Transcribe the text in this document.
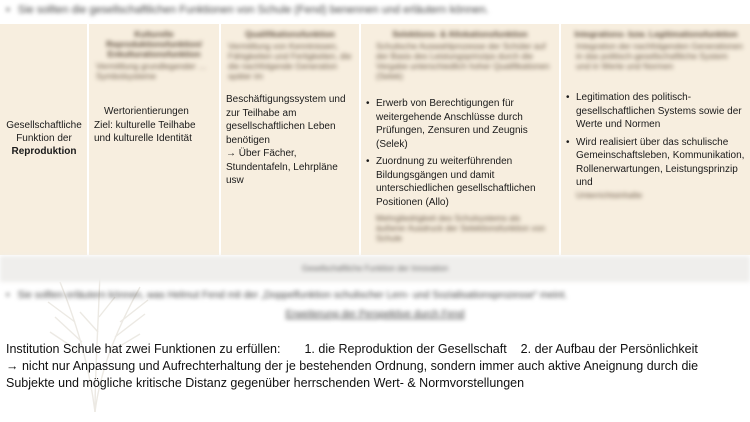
• Sie sollten die gesellschaftlichen Funktionen von Schule (Fend) benennen und erläutern können.
Gesellschaftliche Funktion der
Reproduktion
Kulturelle Reproduktionsfunktion/ Enkulturationsfunktion
Vermittlung grundlegender … Symbolsysteme
Wertorientierungen
Ziel: kulturelle Teilhabe und kulturelle Identität
Qualifikationsfunktion
Vermittlung von Kenntnissen, Fähigkeiten und Fertigkeiten, die die nachfolgende Generation später im
Beschäftigungssystem und zur Teilhabe am gesellschaftlichen Leben benötigen
→ Über Fächer, Stundentafeln, Lehrpläne usw
Selektions- & Allokationsfunktion
Schulische Auswahlprozesse der Schüler auf der Basis des Leistungsprinzips durch die Vergabe unterschiedlich hoher Qualifikationen (Selek)
• Erwerb von Berechtigungen für weitergehende Anschlüsse durch Prüfungen, Zensuren und Zeugnis (Selek)
• Zuordnung zu weiterführenden Bildungsgängen und damit unterschiedlichen gesellschaftlichen Positionen (Allo)
Mehrgliedrigkeit des Schulsystems als äußerer Ausdruck der Selektionsfunktion von Schule
Integrations- bzw. Legitimationsfunktion
Integration der nachfolgenden Generationen in das politisch-gesellschaftliche System und in Werte und Normen
• Legitimation des politisch-gesellschaftlichen Systems sowie der Werte und Normen
• Wird realisiert über das schulische Gemeinschaftsleben, Kommunikation, Rollenerwartungen, Leistungsprinzip und
Unterrichtsinhalte
Gesellschaftliche Funktion der Innovation
• Sie sollten erläutern können, was Helmut Fend mit der „Doppelfunktion schulischer Lern- und Sozialisationsprozesse“ meint.
Erweiterung der Perspektive durch Fend
Institution Schule hat zwei Funktionen zu erfüllen: 1. die Reproduktion der Gesellschaft 2. der Aufbau der Persönlichkeit
→ nicht nur Anpassung und Aufrechterhaltung der je bestehenden Ordnung, sondern immer auch aktive Aneignung durch die Subjekte und mögliche kritische Distanz gegenüber herrschenden Wert- & Normvorstellungen
